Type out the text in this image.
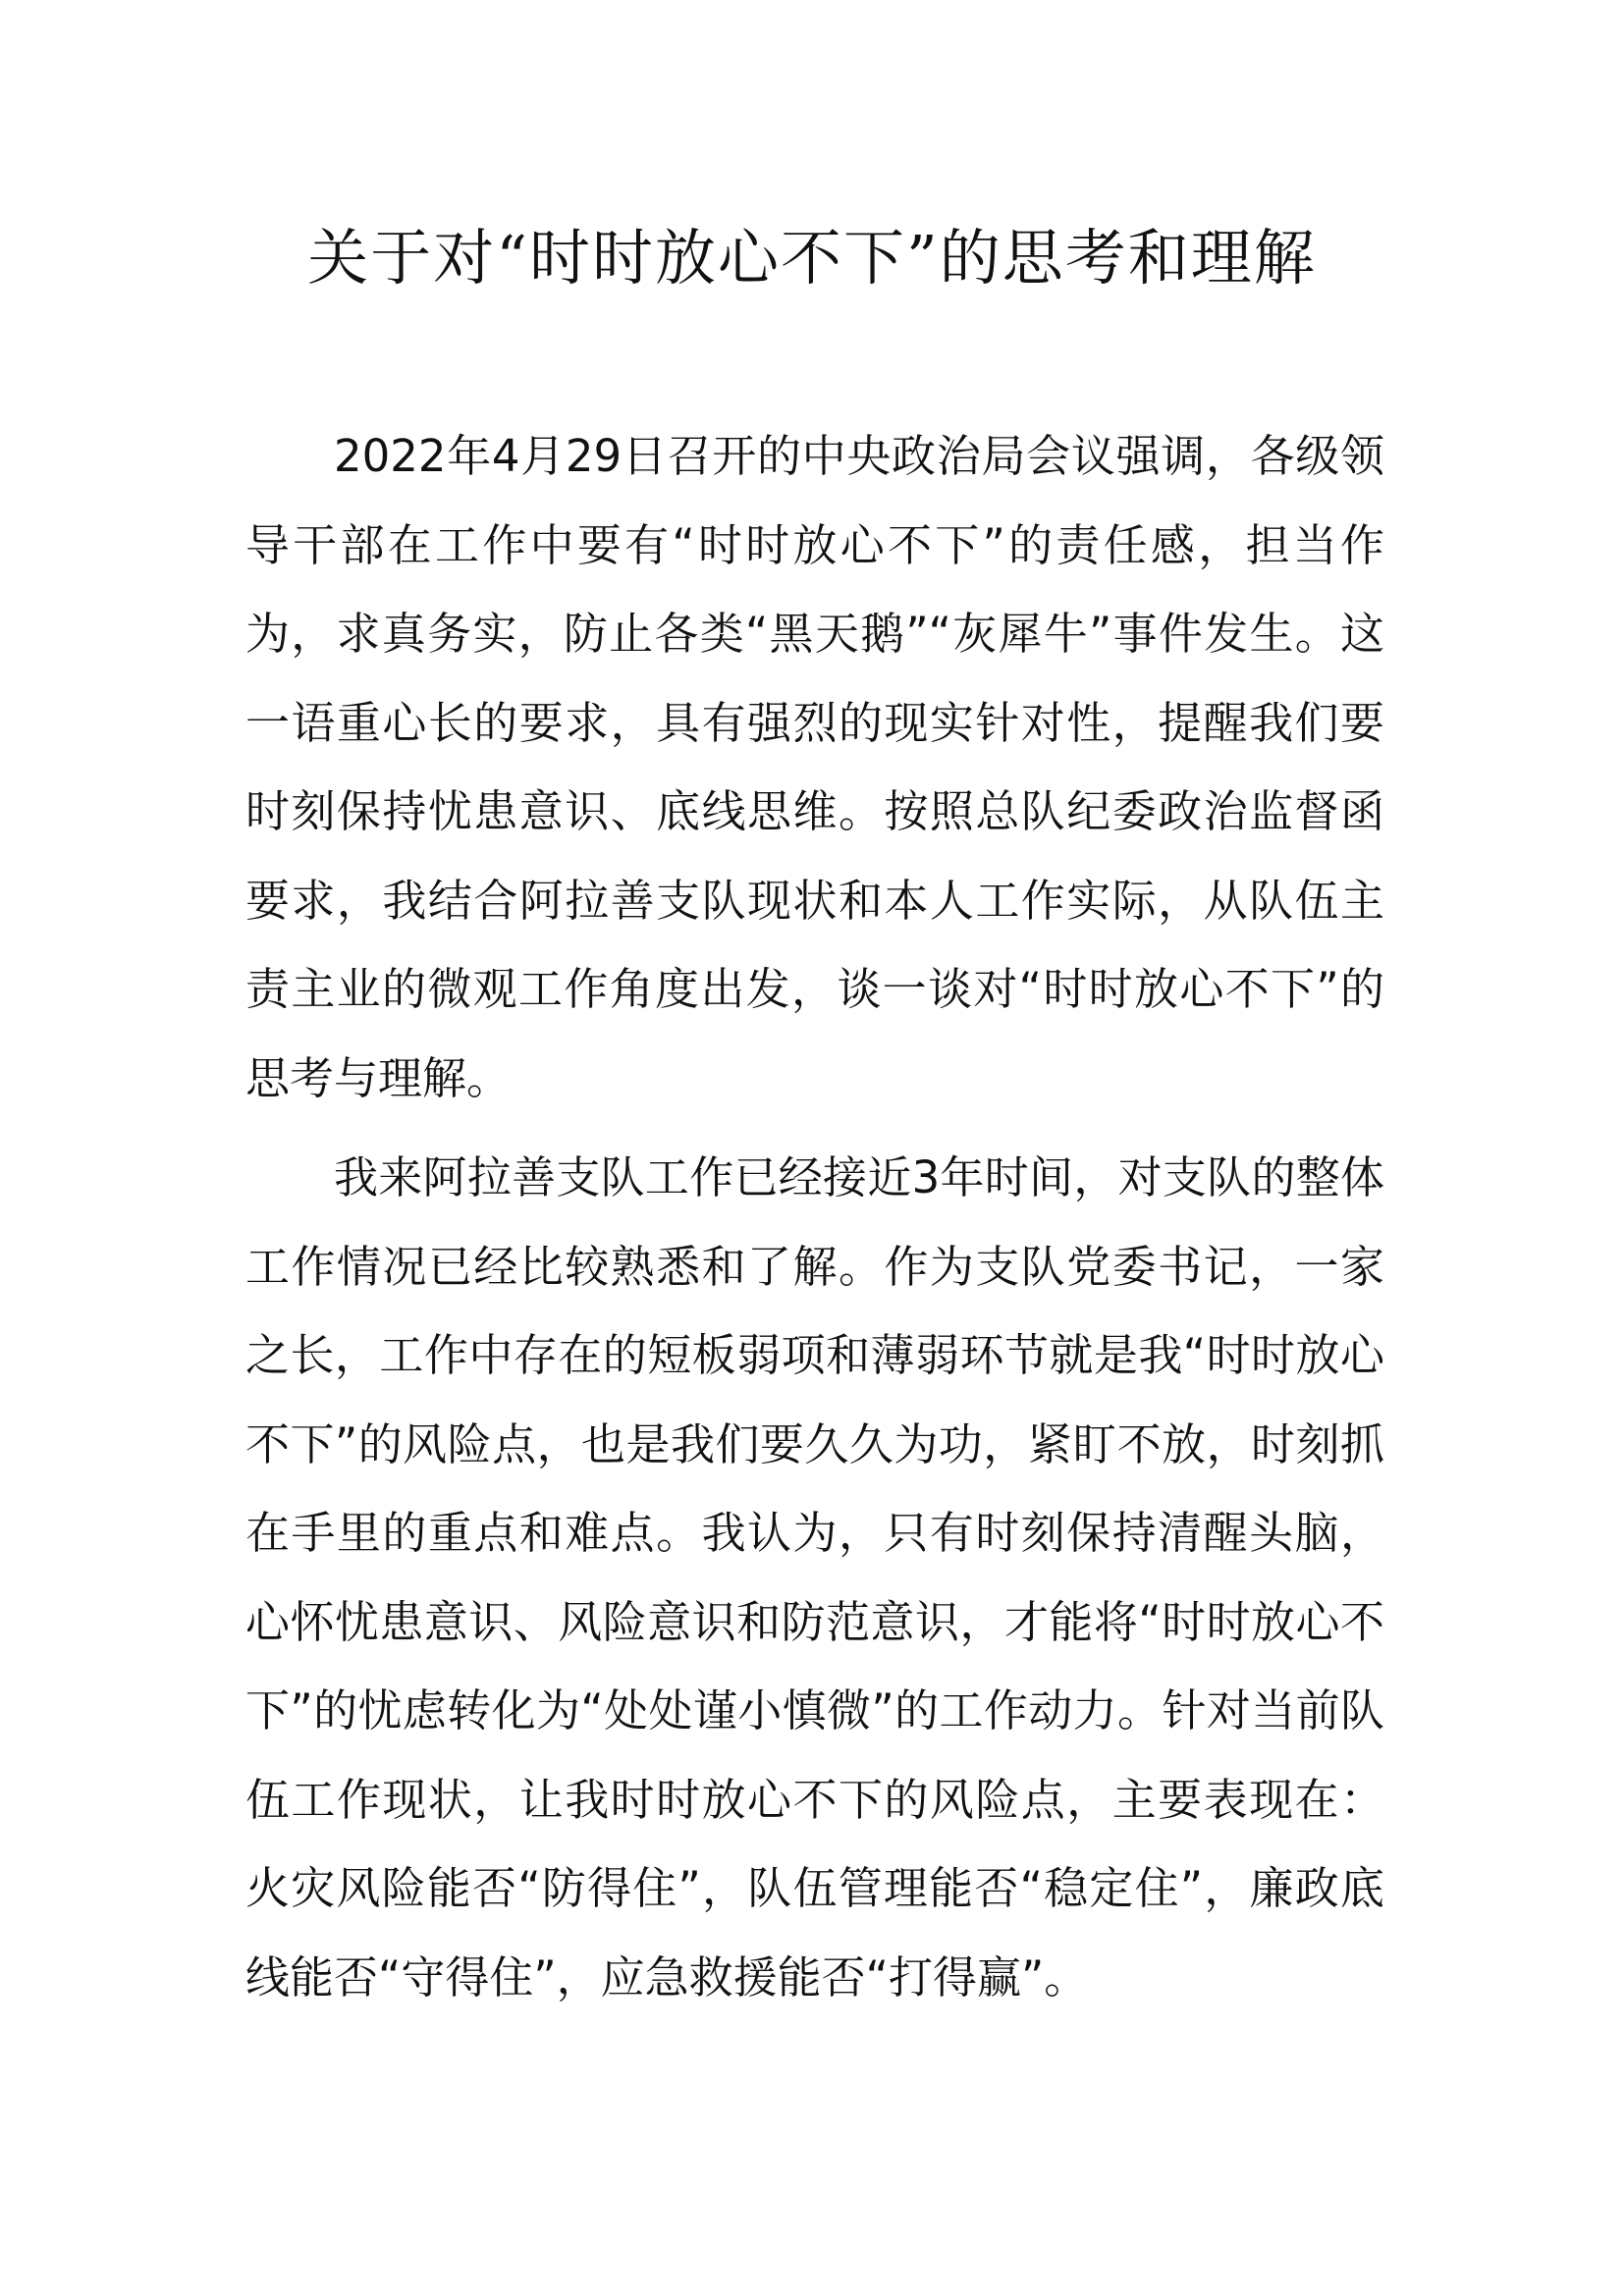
关于对“时时放心不下”的思考和理解

2022年4月29日召开的中央政治局会议强调，各级领导干部在工作中要有“时时放心不下”的责任感，担当作为，求真务实，防止各类“黑天鹅”“灰犀牛”事件发生。这一语重心长的要求，具有强烈的现实针对性，提醒我们要时刻保持忧患意识、底线思维。按照总队纪委政治监督函要求，我结合阿拉善支队现状和本人工作实际，从队伍主责主业的微观工作角度出发，谈一谈对“时时放心不下”的思考与理解。

我来阿拉善支队工作已经接近3年时间，对支队的整体工作情况已经比较熟悉和了解。作为支队党委书记，一家之长，工作中存在的短板弱项和薄弱环节就是我“时时放心不下”的风险点，也是我们要久久为功，紧盯不放，时刻抓在手里的重点和难点。我认为，只有时刻保持清醒头脑，心怀忧患意识、风险意识和防范意识，才能将“时时放心不下”的忧虑转化为“处处谨小慎微”的工作动力。针对当前队伍工作现状，让我时时放心不下的风险点，主要表现在：火灾风险能否“防得住”，队伍管理能否“稳定住”，廉政底线能否“守得住”，应急救援能否“打得赢”。
